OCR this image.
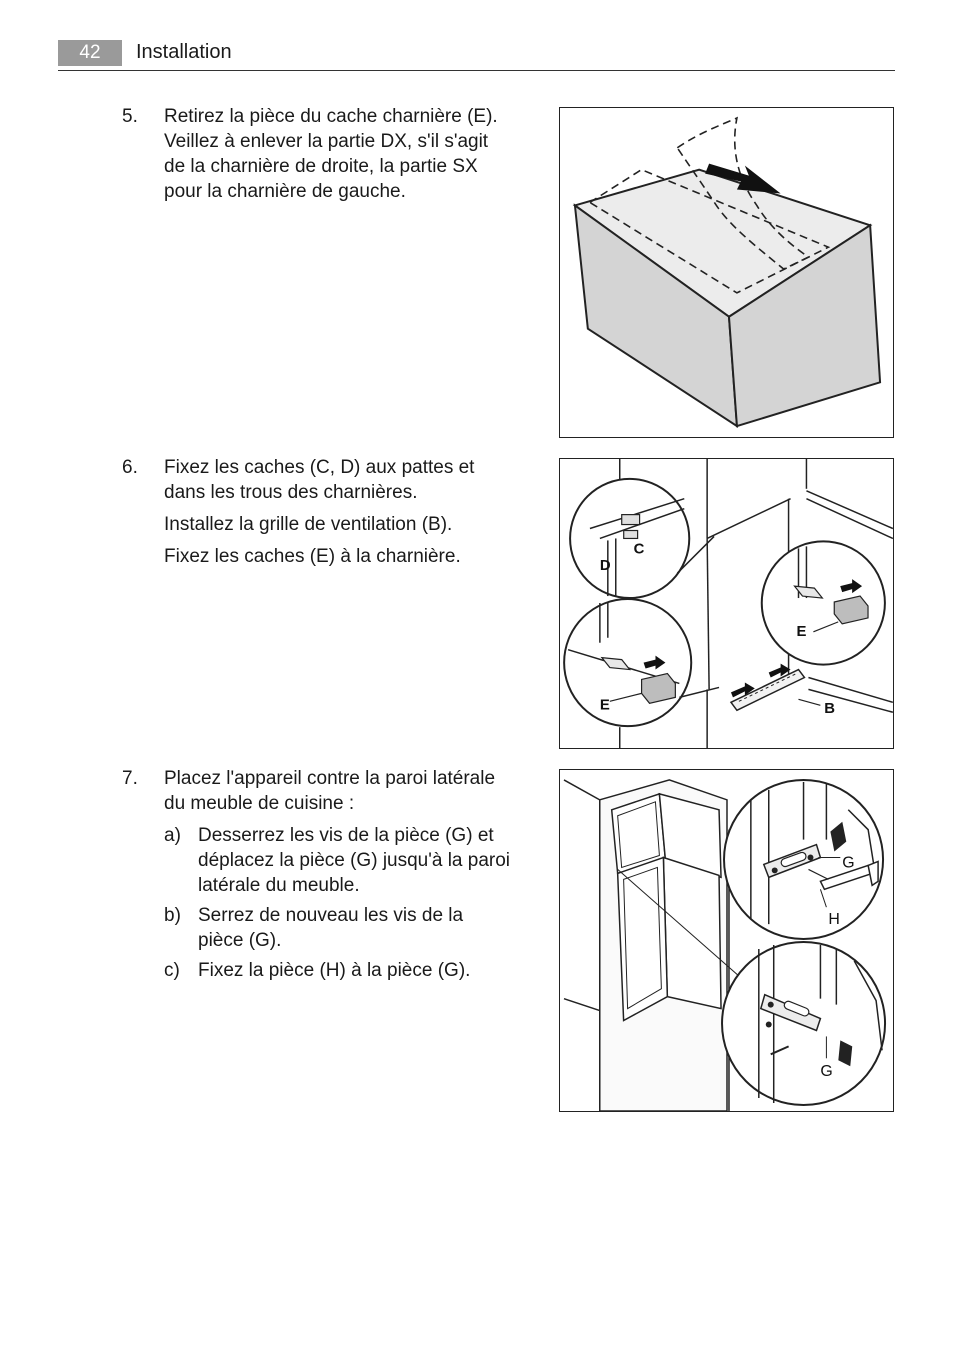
42	Installation
5. Retirez la pièce du cache charnière (E). Veillez à enlever la partie DX, s'il s'agit de la charnière de droite, la partie SX pour la charnière de gauche.

6. Fixez les caches (C, D) aux pattes et dans les trous des charnières.

Installez la grille de ventilation (B).

Fixez les caches (E) à la charnière.

7. Placez l'appareil contre la paroi latérale du meuble de cuisine :

a) Desserrez les vis de la pièce (G) et déplacez la pièce (G) jusqu'à la paroi latérale du meuble.
b) Serrez de nouveau les vis de la pièce (G).
c) Fixez la pièce (H) à la pièce (G).
C
D
E
E
B
G
H
G
